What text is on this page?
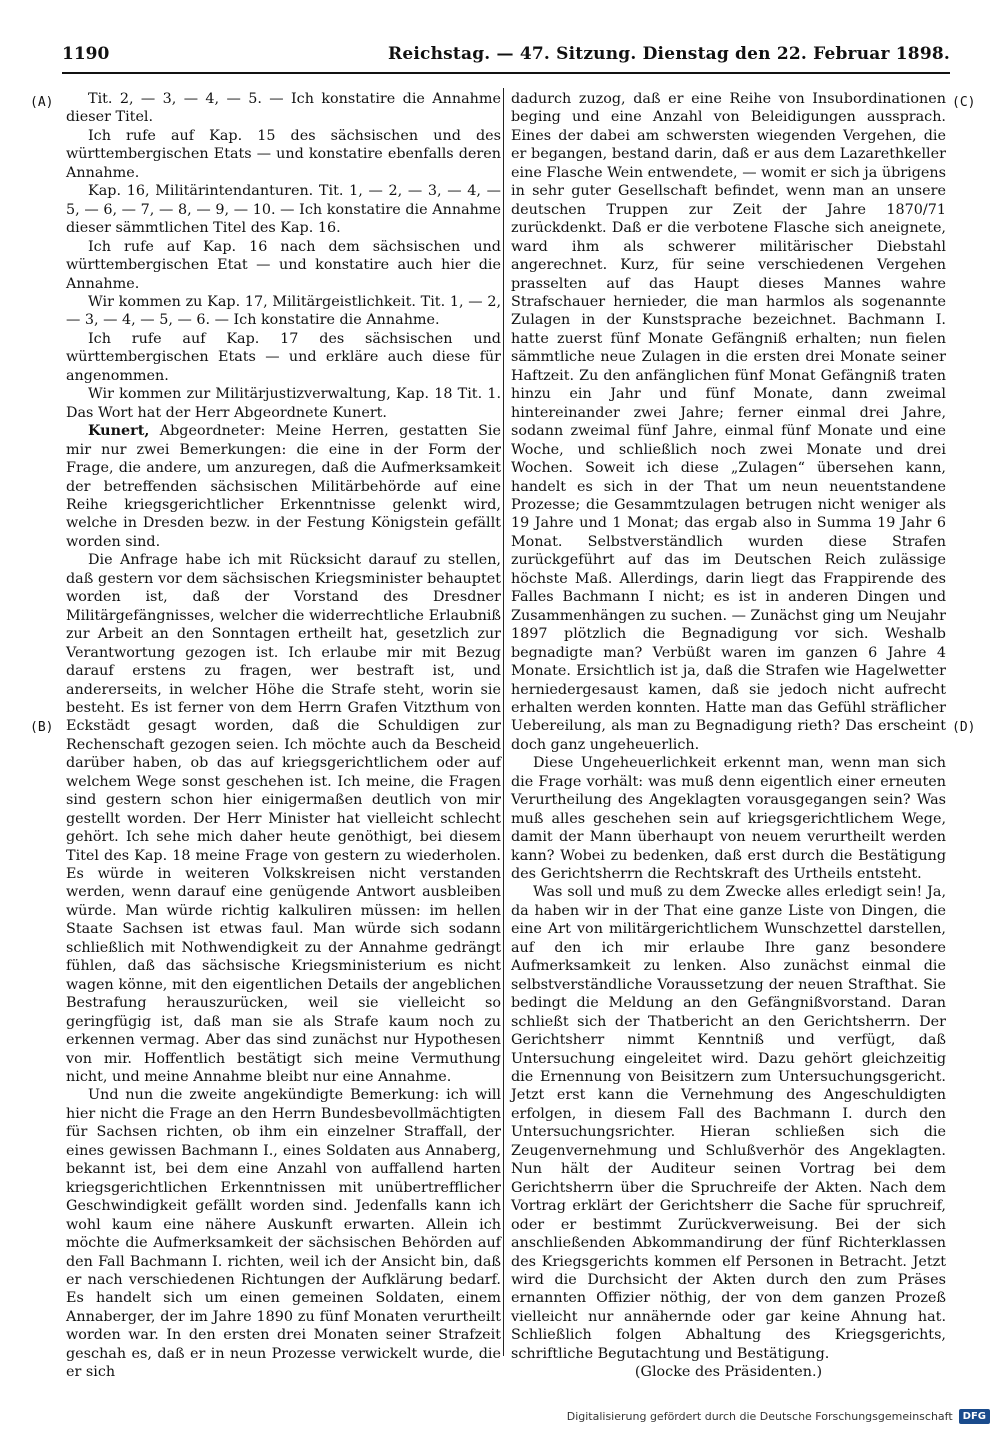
1190	Reichstag. — 47. Sitzung. Dienstag den 22. Februar 1898.
(A)
(B)
(C)
(D)

Tit. 2, — 3, — 4, — 5. — Ich konstatire die Annahme dieser Titel.

Ich rufe auf Kap. 15 des sächsischen und des württembergischen Etats — und konstatire ebenfalls deren Annahme.

Kap. 16, Militärintendanturen. Tit. 1, — 2, — 3, — 4, — 5, — 6, — 7, — 8, — 9, — 10. — Ich konstatire die Annahme dieser sämmtlichen Titel des Kap. 16.

Ich rufe auf Kap. 16 nach dem sächsischen und württembergischen Etat — und konstatire auch hier die Annahme.

Wir kommen zu Kap. 17, Militärgeistlichkeit. Tit. 1, — 2, — 3, — 4, — 5, — 6. — Ich konstatire die Annahme.

Ich rufe auf Kap. 17 des sächsischen und württembergischen Etats — und erkläre auch diese für angenommen.

Wir kommen zur Militärjustizverwaltung, Kap. 18 Tit. 1. Das Wort hat der Herr Abgeordnete Kunert.

Kunert, Abgeordneter: Meine Herren, gestatten Sie mir nur zwei Bemerkungen: die eine in der Form der Frage, die andere, um anzuregen, daß die Aufmerksamkeit der betreffenden sächsischen Militärbehörde auf eine Reihe kriegsgerichtlicher Erkenntnisse gelenkt wird, welche in Dresden bezw. in der Festung Königstein gefällt worden sind.

Die Anfrage habe ich mit Rücksicht darauf zu stellen, daß gestern vor dem sächsischen Kriegsminister behauptet worden ist, daß der Vorstand des Dresdner Militärgefängnisses, welcher die widerrechtliche Erlaubniß zur Arbeit an den Sonntagen ertheilt hat, gesetzlich zur Verantwortung gezogen ist. Ich erlaube mir mit Bezug darauf erstens zu fragen, wer bestraft ist, und andererseits, in welcher Höhe die Strafe steht, worin sie besteht. Es ist ferner von dem Herrn Grafen Vitzthum von Eckstädt gesagt worden, daß die Schuldigen zur Rechenschaft gezogen seien. Ich möchte auch da Bescheid darüber haben, ob das auf kriegsgerichtlichem oder auf welchem Wege sonst geschehen ist. Ich meine, die Fragen sind gestern schon hier einigermaßen deutlich von mir gestellt worden. Der Herr Minister hat vielleicht schlecht gehört. Ich sehe mich daher heute genöthigt, bei diesem Titel des Kap. 18 meine Frage von gestern zu wiederholen. Es würde in weiteren Volkskreisen nicht verstanden werden, wenn darauf eine genügende Antwort ausbleiben würde. Man würde richtig kalkuliren müssen: im hellen Staate Sachsen ist etwas faul. Man würde sich sodann schließlich mit Nothwendigkeit zu der Annahme gedrängt fühlen, daß das sächsische Kriegsministerium es nicht wagen könne, mit den eigentlichen Details der angeblichen Bestrafung herauszurücken, weil sie vielleicht so geringfügig ist, daß man sie als Strafe kaum noch zu erkennen vermag. Aber das sind zunächst nur Hypothesen von mir. Hoffentlich bestätigt sich meine Vermuthung nicht, und meine Annahme bleibt nur eine Annahme.

Und nun die zweite angekündigte Bemerkung: ich will hier nicht die Frage an den Herrn Bundesbevollmächtigten für Sachsen richten, ob ihm ein einzelner Straffall, der eines gewissen Bachmann I., eines Soldaten aus Annaberg, bekannt ist, bei dem eine Anzahl von auffallend harten kriegsgerichtlichen Erkenntnissen mit unübertrefflicher Geschwindigkeit gefällt worden sind. Jedenfalls kann ich wohl kaum eine nähere Auskunft erwarten. Allein ich möchte die Aufmerksamkeit der sächsischen Behörden auf den Fall Bachmann I. richten, weil ich der Ansicht bin, daß er nach verschiedenen Richtungen der Aufklärung bedarf. Es handelt sich um einen gemeinen Soldaten, einem Annaberger, der im Jahre 1890 zu fünf Monaten verurtheilt worden war. In den ersten drei Monaten seiner Strafzeit geschah es, daß er in neun Prozesse verwickelt wurde, die er sich

dadurch zuzog, daß er eine Reihe von Insubordinationen beging und eine Anzahl von Beleidigungen aussprach. Eines der dabei am schwersten wiegenden Vergehen, die er begangen, bestand darin, daß er aus dem Lazarethkeller eine Flasche Wein entwendete, — womit er sich ja übrigens in sehr guter Gesellschaft befindet, wenn man an unsere deutschen Truppen zur Zeit der Jahre 1870/71 zurückdenkt. Daß er die verbotene Flasche sich aneignete, ward ihm als schwerer militärischer Diebstahl angerechnet. Kurz, für seine verschiedenen Vergehen prasselten auf das Haupt dieses Mannes wahre Strafschauer hernieder, die man harmlos als sogenannte Zulagen in der Kunstsprache bezeichnet. Bachmann I. hatte zuerst fünf Monate Gefängniß erhalten; nun fielen sämmtliche neue Zulagen in die ersten drei Monate seiner Haftzeit. Zu den anfänglichen fünf Monat Gefängniß traten hinzu ein Jahr und fünf Monate, dann zweimal hintereinander zwei Jahre; ferner einmal drei Jahre, sodann zweimal fünf Jahre, einmal fünf Monate und eine Woche, und schließlich noch zwei Monate und drei Wochen. Soweit ich diese „Zulagen“ übersehen kann, handelt es sich in der That um neun neuentstandene Prozesse; die Gesammtzulagen betrugen nicht weniger als 19 Jahre und 1 Monat; das ergab also in Summa 19 Jahr 6 Monat. Selbstverständlich wurden diese Strafen zurückgeführt auf das im Deutschen Reich zulässige höchste Maß. Allerdings, darin liegt das Frappirende des Falles Bachmann I nicht; es ist in anderen Dingen und Zusammenhängen zu suchen. — Zunächst ging um Neujahr 1897 plötzlich die Begnadigung vor sich. Weshalb begnadigte man? Verbüßt waren im ganzen 6 Jahre 4 Monate. Ersichtlich ist ja, daß die Strafen wie Hagelwetter herniedergesaust kamen, daß sie jedoch nicht aufrecht erhalten werden konnten. Hatte man das Gefühl sträflicher Uebereilung, als man zu Begnadigung rieth? Das erscheint doch ganz ungeheuerlich.

Diese Ungeheuerlichkeit erkennt man, wenn man sich die Frage vorhält: was muß denn eigentlich einer erneuten Verurtheilung des Angeklagten vorausgegangen sein? Was muß alles geschehen sein auf kriegsgerichtlichem Wege, damit der Mann überhaupt von neuem verurtheilt werden kann? Wobei zu bedenken, daß erst durch die Bestätigung des Gerichtsherrn die Rechtskraft des Urtheils entsteht.

Was soll und muß zu dem Zwecke alles erledigt sein! Ja, da haben wir in der That eine ganze Liste von Dingen, die eine Art von militärgerichtlichem Wunschzettel darstellen, auf den ich mir erlaube Ihre ganz besondere Aufmerksamkeit zu lenken. Also zunächst einmal die selbstverständliche Voraussetzung der neuen Strafthat. Sie bedingt die Meldung an den Gefängnißvorstand. Daran schließt sich der Thatbericht an den Gerichtsherrn. Der Gerichtsherr nimmt Kenntniß und verfügt, daß Untersuchung eingeleitet wird. Dazu gehört gleichzeitig die Ernennung von Beisitzern zum Untersuchungsgericht. Jetzt erst kann die Vernehmung des Angeschuldigten erfolgen, in diesem Fall des Bachmann I. durch den Untersuchungsrichter. Hieran schließen sich die Zeugenvernehmung und Schlußverhör des Angeklagten. Nun hält der Auditeur seinen Vortrag bei dem Gerichtsherrn über die Spruchreife der Akten. Nach dem Vortrag erklärt der Gerichtsherr die Sache für spruchreif, oder er bestimmt Zurückverweisung. Bei der sich anschließenden Abkommandirung der fünf Richterklassen des Kriegsgerichts kommen elf Personen in Betracht. Jetzt wird die Durchsicht der Akten durch den zum Präses ernannten Offizier nöthig, der von dem ganzen Prozeß vielleicht nur annähernde oder gar keine Ahnung hat. Schließlich folgen Abhaltung des Kriegsgerichts, schriftliche Begutachtung und Bestätigung.

(Glocke des Präsidenten.)

Digitalisierung gefördert durch die Deutsche Forschungsgemeinschaft	DFG
